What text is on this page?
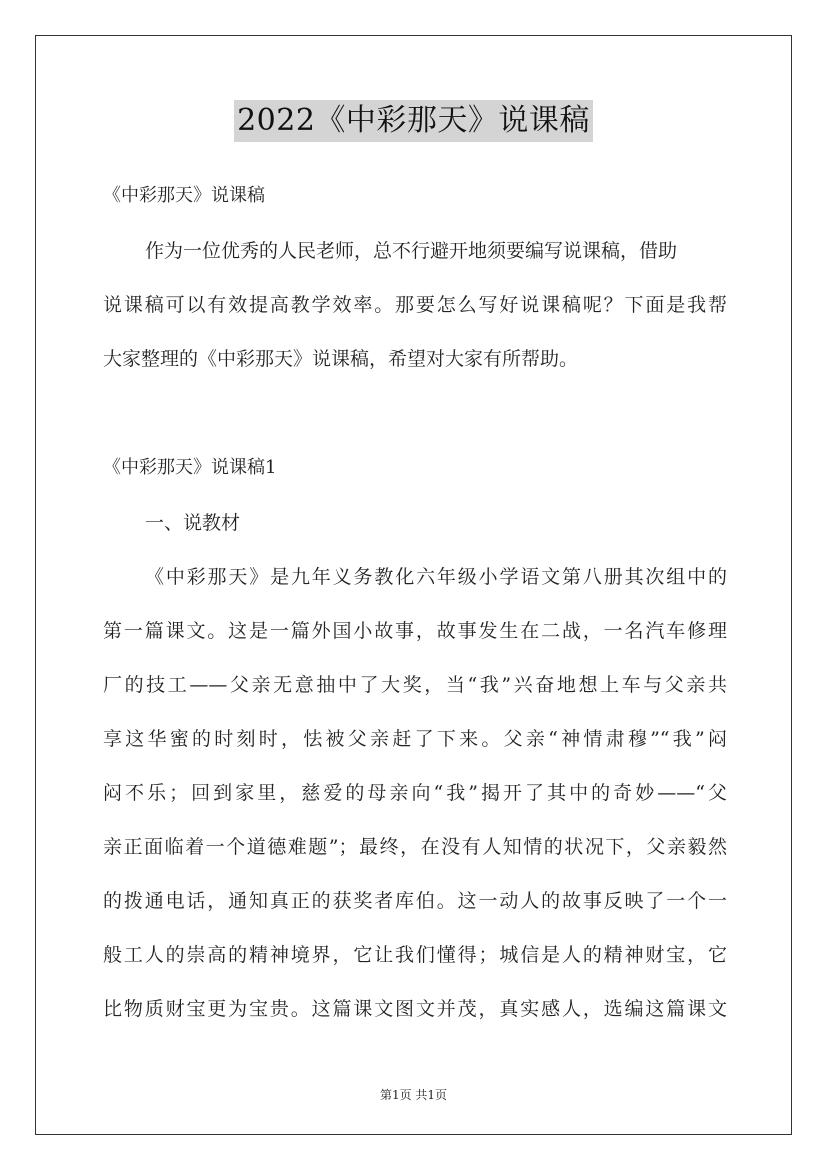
2022《中彩那天》说课稿
《中彩那天》说课稿
作为一位优秀的人民老师，总不行避开地须要编写说课稿，借助
说课稿可以有效提高教学效率。那要怎么写好说课稿呢？下面是我帮
大家整理的《中彩那天》说课稿，希望对大家有所帮助。
《中彩那天》说课稿1
一、说教材
《中彩那天》是九年义务教化六年级小学语文第八册其次组中的
第一篇课文。这是一篇外国小故事，故事发生在二战，一名汽车修理
厂的技工——父亲无意抽中了大奖，当“我”兴奋地想上车与父亲共
享这华蜜的时刻时，怯被父亲赶了下来。父亲“神情肃穆”“我”闷
闷不乐；回到家里，慈爱的母亲向“我”揭开了其中的奇妙——“父
亲正面临着一个道德难题”；最终，在没有人知情的状况下，父亲毅然
的拨通电话，通知真正的获奖者库伯。这一动人的故事反映了一个一
般工人的崇高的精神境界，它让我们懂得；城信是人的精神财宝，它
比物质财宝更为宝贵。这篇课文图文并茂，真实感人，选编这篇课文
第1页 共1页
